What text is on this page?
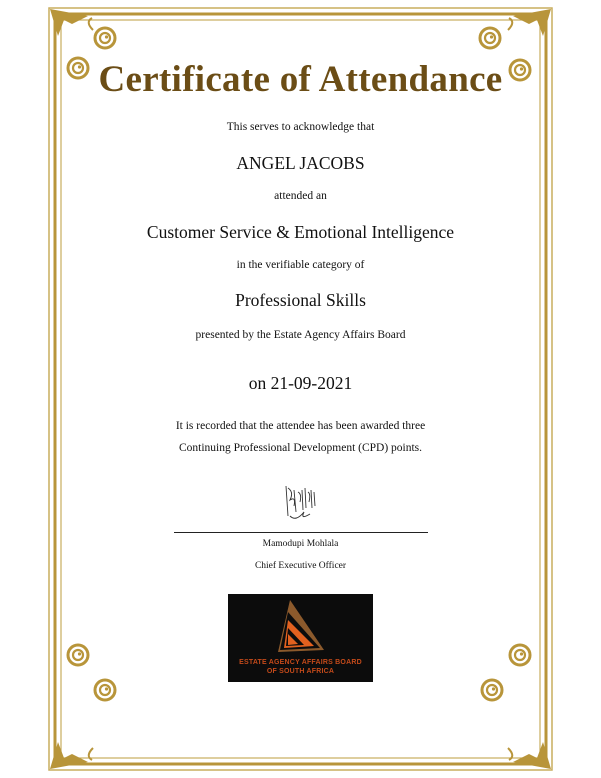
Certificate of Attendance
This serves to acknowledge that
ANGEL JACOBS
attended an
Customer Service & Emotional Intelligence
in the verifiable category of
Professional Skills
presented by the Estate Agency Affairs Board
on 21-09-2021
It is recorded that the attendee has been awarded three
Continuing Professional Development (CPD) points.
Mamodupi Mohlala
Chief Executive Officer
ESTATE AGENCY AFFAIRS BOARD
OF SOUTH AFRICA
